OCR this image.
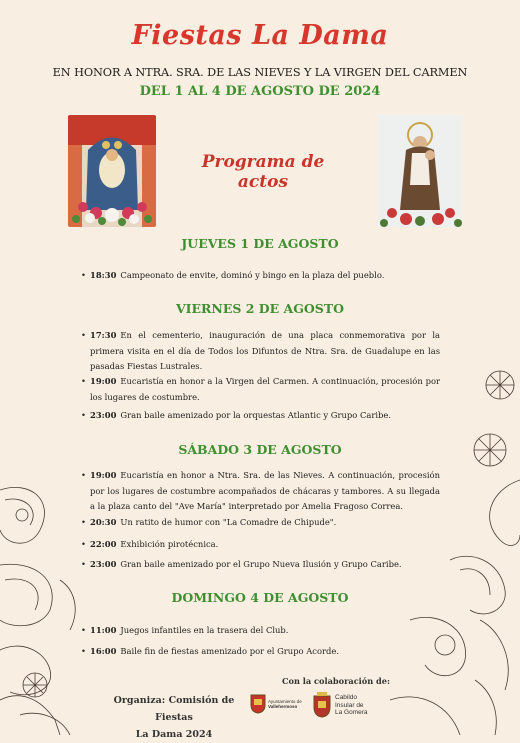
Fiestas La Dama
EN HONOR A NTRA. SRA. DE LAS NIEVES Y LA VIRGEN DEL CARMEN
DEL 1 AL 4 DE AGOSTO DE 2024
Programa de actos
JUEVES 1 DE AGOSTO
• 18:30 Campeonato de envite, dominó y bingo en la plaza del pueblo.
VIERNES 2 DE AGOSTO
• 17:30 En el cementerio, inauguración de una placa conmemorativa por la primera visita en el día de Todos los Difuntos de Ntra. Sra. de Guadalupe en las pasadas Fiestas Lustrales.
• 19:00 Eucaristía en honor a la Virgen del Carmen. A continuación, procesión por los lugares de costumbre.
• 23:00 Gran baile amenizado por la orquestas Atlantic y Grupo Caribe.
SÁBADO 3 DE AGOSTO
• 19:00 Eucaristía en honor a Ntra. Sra. de las Nieves. A continuación, procesión por los lugares de costumbre acompañados de chácaras y tambores. A su llegada a la plaza canto del "Ave María" interpretado por Amelia Fragoso Correa.
• 20:30 Un ratito de humor con "La Comadre de Chipude".
• 22:00 Exhibición pirotécnica.
• 23:00 Gran baile amenizado por el Grupo Nueva Ilusión y Grupo Caribe.
DOMINGO 4 DE AGOSTO
• 11:00 Juegos infantiles en la trasera del Club.
• 16:00 Baile fin de fiestas amenizado por el Grupo Acorde.
Organiza: Comisión de Fiestas
La Dama 2024
Con la colaboración de:
Ayuntamiento de
Vallehermoso
Cabildo
Insular de
La Gomera
